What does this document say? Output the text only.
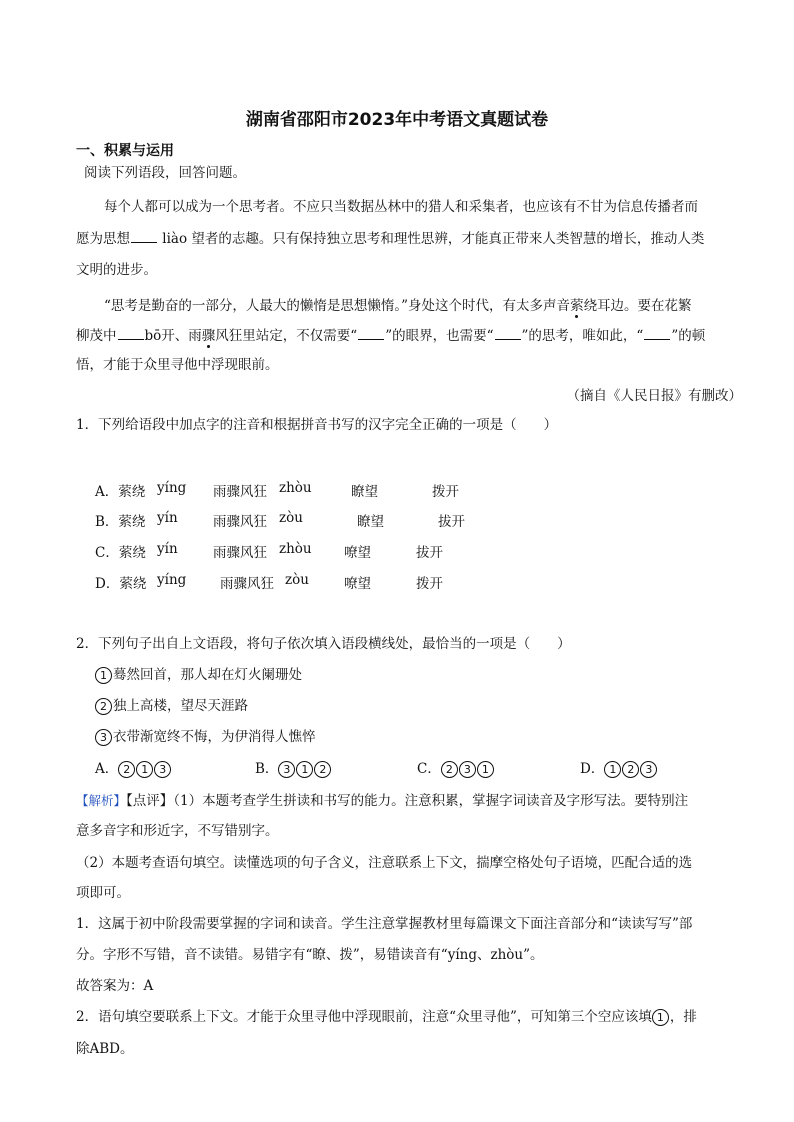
湖南省邵阳市2023年中考语文真题试卷
一、积累与运用
阅读下列语段，回答问题。
每个人都可以成为一个思考者。不应只当数据丛林中的猎人和采集者，也应该有不甘为信息传播者而
愿为思想 liào 望者的志趣。只有保持独立思考和理性思辨，才能真正带来人类智慧的增长，推动人类
文明的进步。
“思考是勤奋的一部分，人最大的懒惰是思想懒惰。”身处这个时代，有太多声音萦绕耳边。要在花繁
柳茂中 bō开、雨骤风狂里站定，不仅需要“ ”的眼界，也需要“ ”的思考，唯如此，“ ”的顿
悟，才能于众里寻他中浮现眼前。
（摘自《人民日报》有删改）
1．下列给语段中加点字的注音和根据拼音书写的汉字完全正确的一项是（　　）
A．萦绕 yíng 雨骤风狂 zhòu	瞭望	拨开
B．萦绕 yín	雨骤风狂 zòu	瞭望	拔开
C．萦绕 yín	雨骤风狂 zhòu 嘹望	拔开
D．萦绕 yíng 雨骤风狂 zòu	嘹望	拨开
2．下列句子出自上文语段，将句子依次填入语段横线处，最恰当的一项是（　　）
1 蓦然回首，那人却在灯火阑珊处
2 独上高楼，望尽天涯路
3 衣带渐宽终不悔，为伊消得人憔悴
A． 2 1 3	B． 3 1 2	C． 2 3 1	D． 1 2 3
【解析】【点评】（1）本题考查学生拼读和书写的能力。注意积累，掌握字词读音及字形写法。要特别注
意多音字和形近字，不写错别字。
（2）本题考查语句填空。读懂选项的句子含义，注意联系上下文，揣摩空格处句子语境，匹配合适的选
项即可。
1．这属于初中阶段需要掌握的字词和读音。学生注意掌握教材里每篇课文下面注音部分和“读读写写”部
分。字形不写错，音不读错。易错字有“瞭、拨”，易错读音有“yíng、zhòu”。
故答案为：A
2．语句填空要联系上下文。才能于众里寻他中浮现眼前，注意“众里寻他”，可知第三个空应该填 1 ，排
除ABD。
